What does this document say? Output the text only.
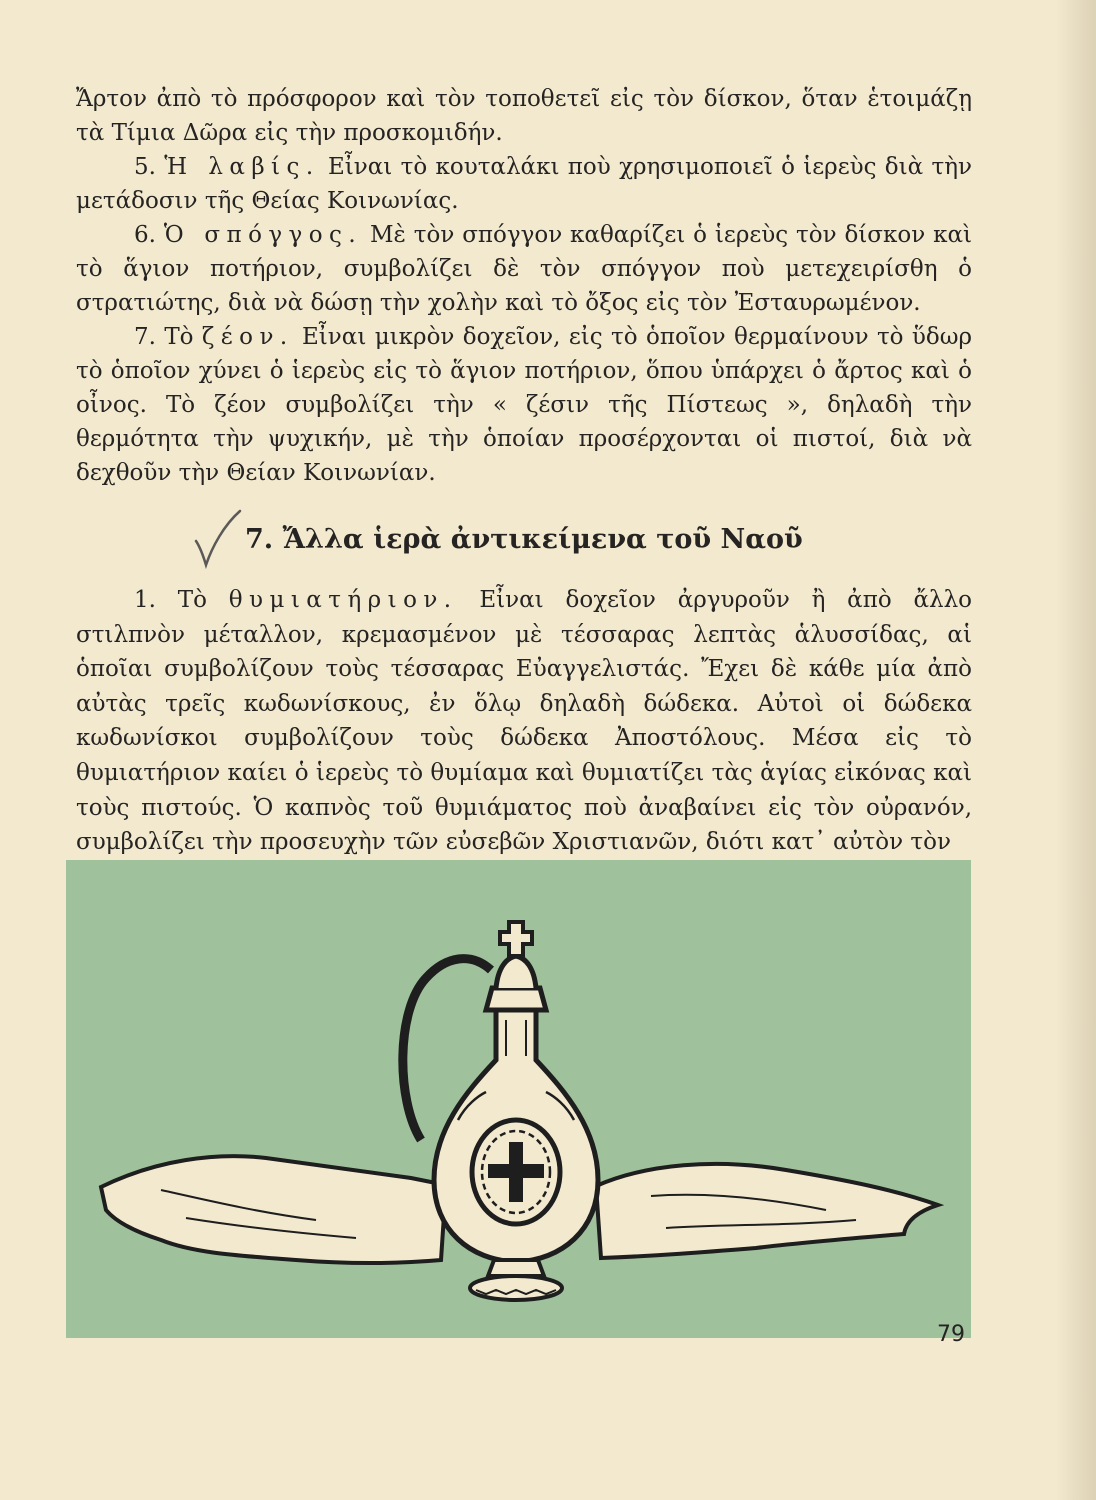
Ἄρτον ἀπὸ τὸ πρόσφορον καὶ τὸν τοποθετεῖ εἰς τὸν δίσκον, ὅταν ἑτοιμάζῃ τὰ Τίμια Δῶρα εἰς τὴν προσκομιδήν.

5. Ἡ λαβίς. Εἶναι τὸ κουταλάκι ποὺ χρησιμοποιεῖ ὁ ἱερεὺς διὰ τὴν μετάδοσιν τῆς Θείας Κοινωνίας.

6. Ὁ σπόγγος. Μὲ τὸν σπόγγον καθαρίζει ὁ ἱερεὺς τὸν δίσκον καὶ τὸ ἅγιον ποτήριον, συμβολίζει δὲ τὸν σπόγγον ποὺ μετεχειρίσθη ὁ στρατιώτης, διὰ νὰ δώσῃ τὴν χολὴν καὶ τὸ ὄξος εἰς τὸν Ἐσταυρωμένον.

7. Τὸ ζέον. Εἶναι μικρὸν δοχεῖον, εἰς τὸ ὁποῖον θερμαίνουν τὸ ὕδωρ τὸ ὁποῖον χύνει ὁ ἱερεὺς εἰς τὸ ἅγιον ποτήριον, ὅπου ὑπάρχει ὁ ἄρτος καὶ ὁ οἶνος. Τὸ ζέον συμβολίζει τὴν « ζέσιν τῆς Πίστεως », δηλαδὴ τὴν θερμότητα τὴν ψυχικήν, μὲ τὴν ὁποίαν προσέρχονται οἱ πιστοί, διὰ νὰ δεχθοῦν τὴν Θείαν Κοινωνίαν.

7. Ἄλλα ἱερὰ ἀντικείμενα τοῦ Ναοῦ

1. Τὸ θυμιατήριον. Εἶναι δοχεῖον ἀργυροῦν ἢ ἀπὸ ἄλλο στιλπνὸν μέταλλον, κρεμασμένον μὲ τέσσαρας λεπτὰς ἁλυσσίδας, αἱ ὁποῖαι συμβολίζουν τοὺς τέσσαρας Εὐαγγελιστάς. Ἔχει δὲ κάθε μία ἀπὸ αὐτὰς τρεῖς κωδωνίσκους, ἐν ὅλῳ δηλαδὴ δώδεκα. Αὐτοὶ οἱ δώδεκα κωδωνίσκοι συμβολίζουν τοὺς δώδεκα Ἀποστόλους. Μέσα εἰς τὸ θυμιατήριον καίει ὁ ἱερεὺς τὸ θυμίαμα καὶ θυμιατίζει τὰς ἁγίας εἰκόνας καὶ τοὺς πιστούς. Ὁ καπνὸς τοῦ θυμιάματος ποὺ ἀναβαίνει εἰς τὸν οὐρανόν, συμβολίζει τὴν προσευχὴν τῶν εὐσεβῶν Χριστιανῶν, διότι κατ᾽ αὐτὸν τὸν

79
